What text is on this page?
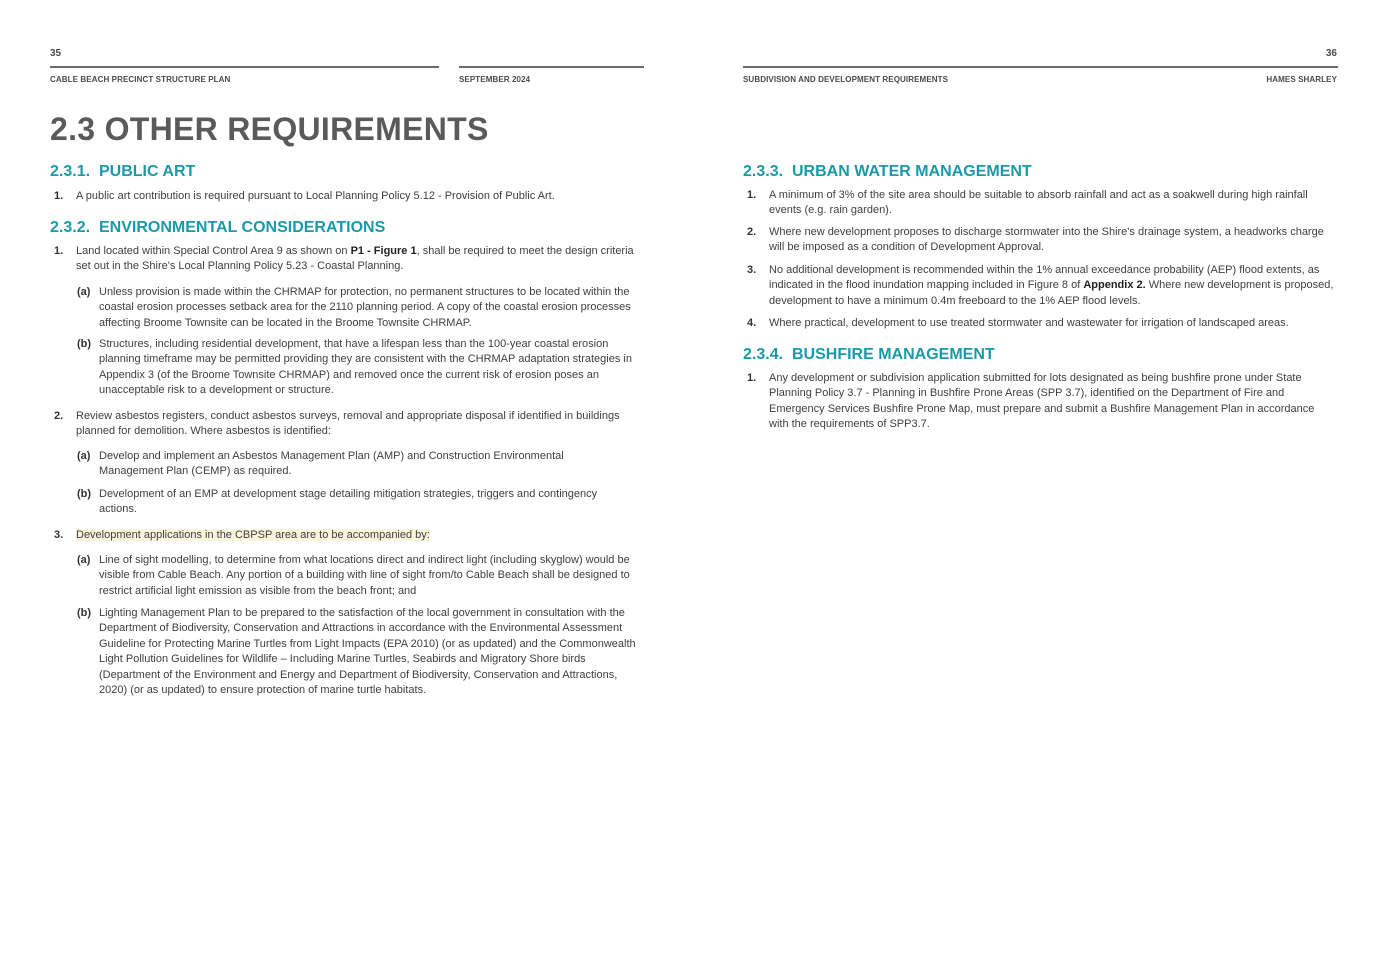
35
CABLE BEACH PRECINCT STRUCTURE PLAN	SEPTEMBER 2024
36
SUBDIVISION AND DEVELOPMENT REQUIREMENTS	HAMES SHARLEY
2.3 OTHER REQUIREMENTS
2.3.1. PUBLIC ART
1. A public art contribution is required pursuant to Local Planning Policy 5.12 - Provision of Public Art.
2.3.2. ENVIRONMENTAL CONSIDERATIONS
1. Land located within Special Control Area 9 as shown on P1 - Figure 1, shall be required to meet the design criteria set out in the Shire's Local Planning Policy 5.23 - Coastal Planning.
(a) Unless provision is made within the CHRMAP for protection, no permanent structures to be located within the coastal erosion processes setback area for the 2110 planning period. A copy of the coastal erosion processes affecting Broome Townsite can be located in the Broome Townsite CHRMAP.
(b) Structures, including residential development, that have a lifespan less than the 100-year coastal erosion planning timeframe may be permitted providing they are consistent with the CHRMAP adaptation strategies in Appendix 3 (of the Broome Townsite CHRMAP) and removed once the current risk of erosion poses an unacceptable risk to a development or structure.
2. Review asbestos registers, conduct asbestos surveys, removal and appropriate disposal if identified in buildings planned for demolition. Where asbestos is identified:
(a) Develop and implement an Asbestos Management Plan (AMP) and Construction Environmental Management Plan (CEMP) as required.
(b) Development of an EMP at development stage detailing mitigation strategies, triggers and contingency actions.
3. Development applications in the CBPSP area are to be accompanied by:
(a) Line of sight modelling, to determine from what locations direct and indirect light (including skyglow) would be visible from Cable Beach. Any portion of a building with line of sight from/to Cable Beach shall be designed to restrict artificial light emission as visible from the beach front; and
(b) Lighting Management Plan to be prepared to the satisfaction of the local government in consultation with the Department of Biodiversity, Conservation and Attractions in accordance with the Environmental Assessment Guideline for Protecting Marine Turtles from Light Impacts (EPA 2010) (or as updated) and the Commonwealth Light Pollution Guidelines for Wildlife – Including Marine Turtles, Seabirds and Migratory Shore birds (Department of the Environment and Energy and Department of Biodiversity, Conservation and Attractions, 2020) (or as updated) to ensure protection of marine turtle habitats.
2.3.3. URBAN WATER MANAGEMENT
1. A minimum of 3% of the site area should be suitable to absorb rainfall and act as a soakwell during high rainfall events (e.g. rain garden).
2. Where new development proposes to discharge stormwater into the Shire's drainage system, a headworks charge will be imposed as a condition of Development Approval.
3. No additional development is recommended within the 1% annual exceedance probability (AEP) flood extents, as indicated in the flood inundation mapping included in Figure 8 of Appendix 2. Where new development is proposed, development to have a minimum 0.4m freeboard to the 1% AEP flood levels.
4. Where practical, development to use treated stormwater and wastewater for irrigation of landscaped areas.
2.3.4. BUSHFIRE MANAGEMENT
1. Any development or subdivision application submitted for lots designated as being bushfire prone under State Planning Policy 3.7 - Planning in Bushfire Prone Areas (SPP 3.7), identified on the Department of Fire and Emergency Services Bushfire Prone Map, must prepare and submit a Bushfire Management Plan in accordance with the requirements of SPP3.7.
